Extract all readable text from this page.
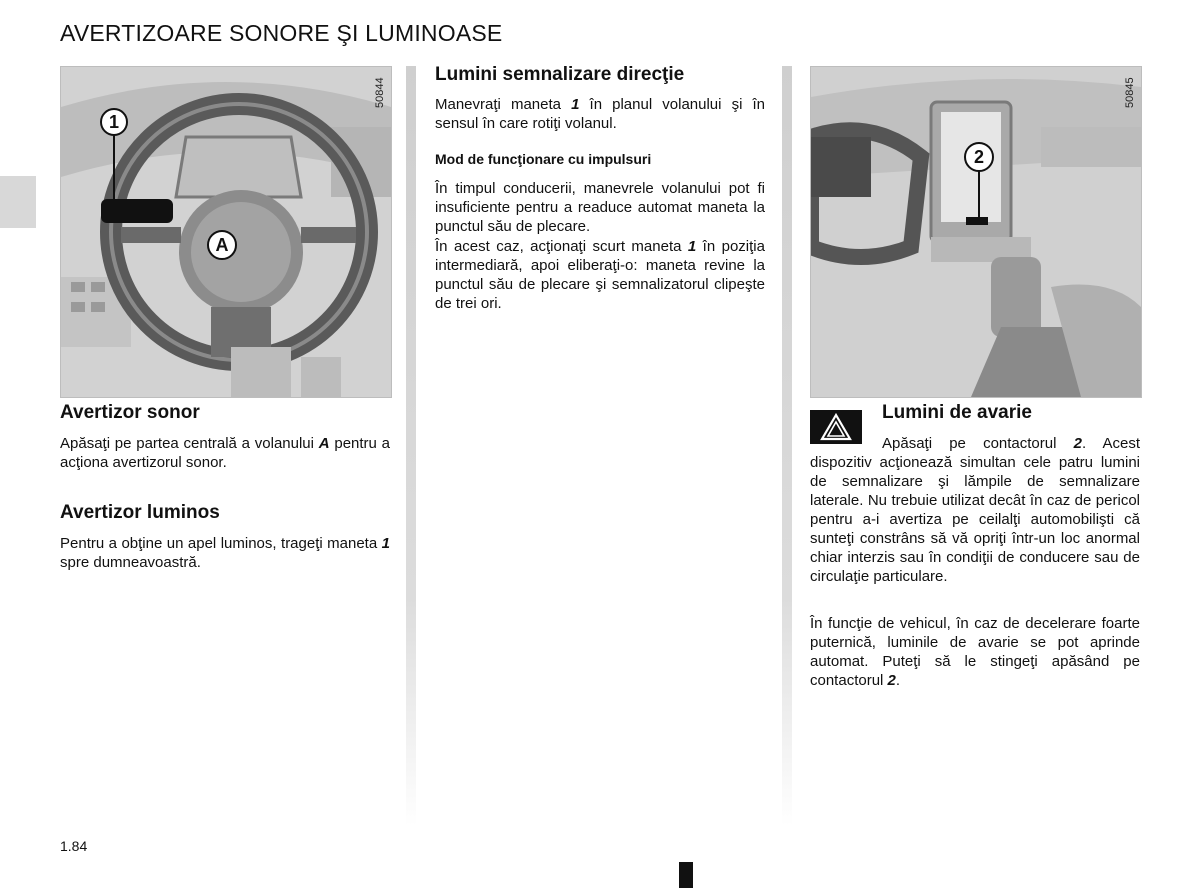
AVERTIZOARE SONORE ŞI LUMINOASE
50844
1
A
Avertizor sonor

Apăsaţi pe partea centrală a volanului A pentru a acţiona avertizorul sonor.

Avertizor luminos

Pentru a obţine un apel luminos, trageţi maneta 1 spre dumneavoastră.

Lumini semnalizare direcţie

Manevraţi maneta 1 în planul volanului şi în sensul în care rotiţi volanul.

Mod de funcţionare cu impulsuri

În timpul conducerii, manevrele volanului pot fi insuficiente pentru a readuce automat maneta la punctul său de plecare.

În acest caz, acţionaţi scurt maneta 1 în poziţia intermediară, apoi eliberaţi-o: maneta revine la punctul său de plecare şi semnalizatorul clipeşte de trei ori.

50845
2
Lumini de avarie

Apăsaţi pe contactorul 2. Acest dispozitiv acţionează simultan cele patru lumini de semnalizare şi lămpile de semnalizare laterale. Nu trebuie utilizat decât în caz de pericol pentru a-i avertiza pe ceilalţi automobilişti că sunteţi constrâns să vă opriţi într-un loc anormal chiar interzis sau în condiţii de conducere sau de circulaţie particulare.

În funcţie de vehicul, în caz de decelerare foarte puternică, luminile de avarie se pot aprinde automat. Puteţi să le stingeţi apăsând pe contactorul 2.

1.84
